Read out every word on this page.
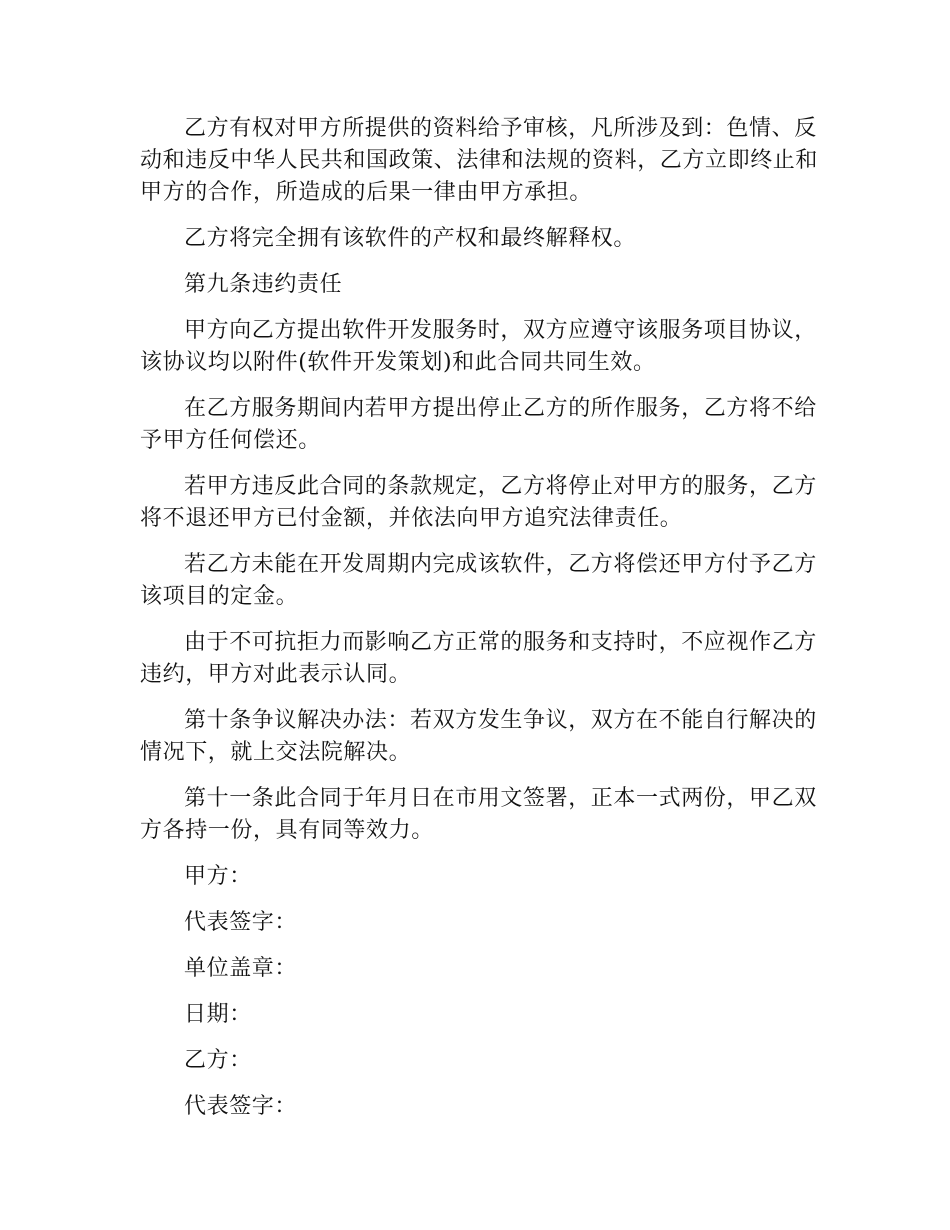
乙方有权对甲方所提供的资料给予审核，凡所涉及到：色情、反动和违反中华人民共和国政策、法律和法规的资料，乙方立即终止和甲方的合作，所造成的后果一律由甲方承担。

乙方将完全拥有该软件的产权和最终解释权。

第九条违约责任

甲方向乙方提出软件开发服务时，双方应遵守该服务项目协议，该协议均以附件(软件开发策划)和此合同共同生效。

在乙方服务期间内若甲方提出停止乙方的所作服务，乙方将不给予甲方任何偿还。

若甲方违反此合同的条款规定，乙方将停止对甲方的服务，乙方将不退还甲方已付金额，并依法向甲方追究法律责任。

若乙方未能在开发周期内完成该软件，乙方将偿还甲方付予乙方该项目的定金。

由于不可抗拒力而影响乙方正常的服务和支持时，不应视作乙方违约，甲方对此表示认同。

第十条争议解决办法：若双方发生争议，双方在不能自行解决的情况下，就上交法院解决。

第十一条此合同于年月日在市用文签署，正本一式两份，甲乙双方各持一份，具有同等效力。

甲方：
代表签字：
单位盖章：
日期：
乙方：
代表签字：
